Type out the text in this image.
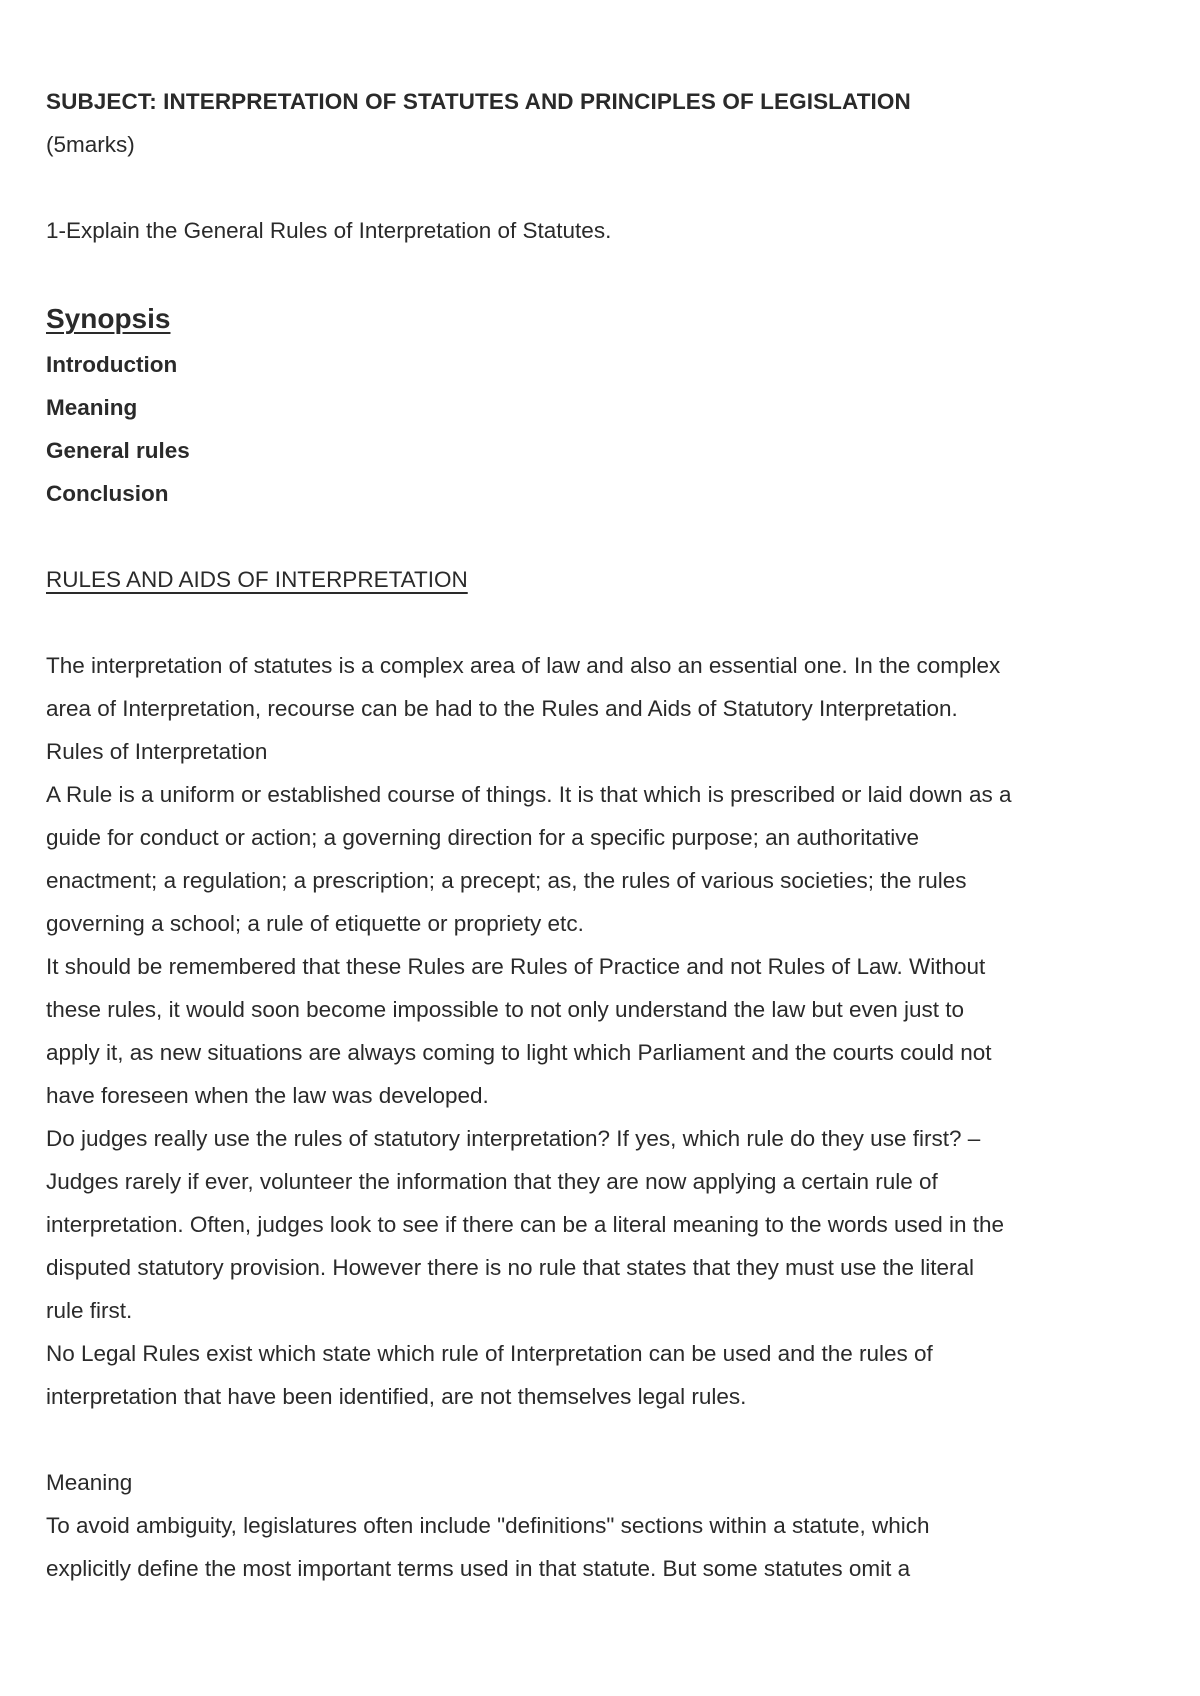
SUBJECT: INTERPRETATION OF STATUTES AND PRINCIPLES OF LEGISLATION
(5marks)
1-Explain the General Rules of Interpretation of Statutes.
Synopsis
Introduction
Meaning
General rules
Conclusion
RULES AND AIDS OF INTERPRETATION
The interpretation of statutes is a complex area of law and also an essential one. In the complex
area of Interpretation, recourse can be had to the Rules and Aids of Statutory Interpretation.
Rules of Interpretation
A Rule is a uniform or established course of things. It is that which is prescribed or laid down as a
guide for conduct or action; a governing direction for a specific purpose; an authoritative
enactment; a regulation; a prescription; a precept; as, the rules of various societies; the rules
governing a school; a rule of etiquette or propriety etc.
It should be remembered that these Rules are Rules of Practice and not Rules of Law. Without
these rules, it would soon become impossible to not only understand the law but even just to
apply it, as new situations are always coming to light which Parliament and the courts could not
have foreseen when the law was developed.
Do judges really use the rules of statutory interpretation? If yes, which rule do they use first? –
Judges rarely if ever, volunteer the information that they are now applying a certain rule of
interpretation. Often, judges look to see if there can be a literal meaning to the words used in the
disputed statutory provision. However there is no rule that states that they must use the literal
rule first.
No Legal Rules exist which state which rule of Interpretation can be used and the rules of
interpretation that have been identified, are not themselves legal rules.
Meaning
To avoid ambiguity, legislatures often include "definitions" sections within a statute, which
explicitly define the most important terms used in that statute. But some statutes omit a
